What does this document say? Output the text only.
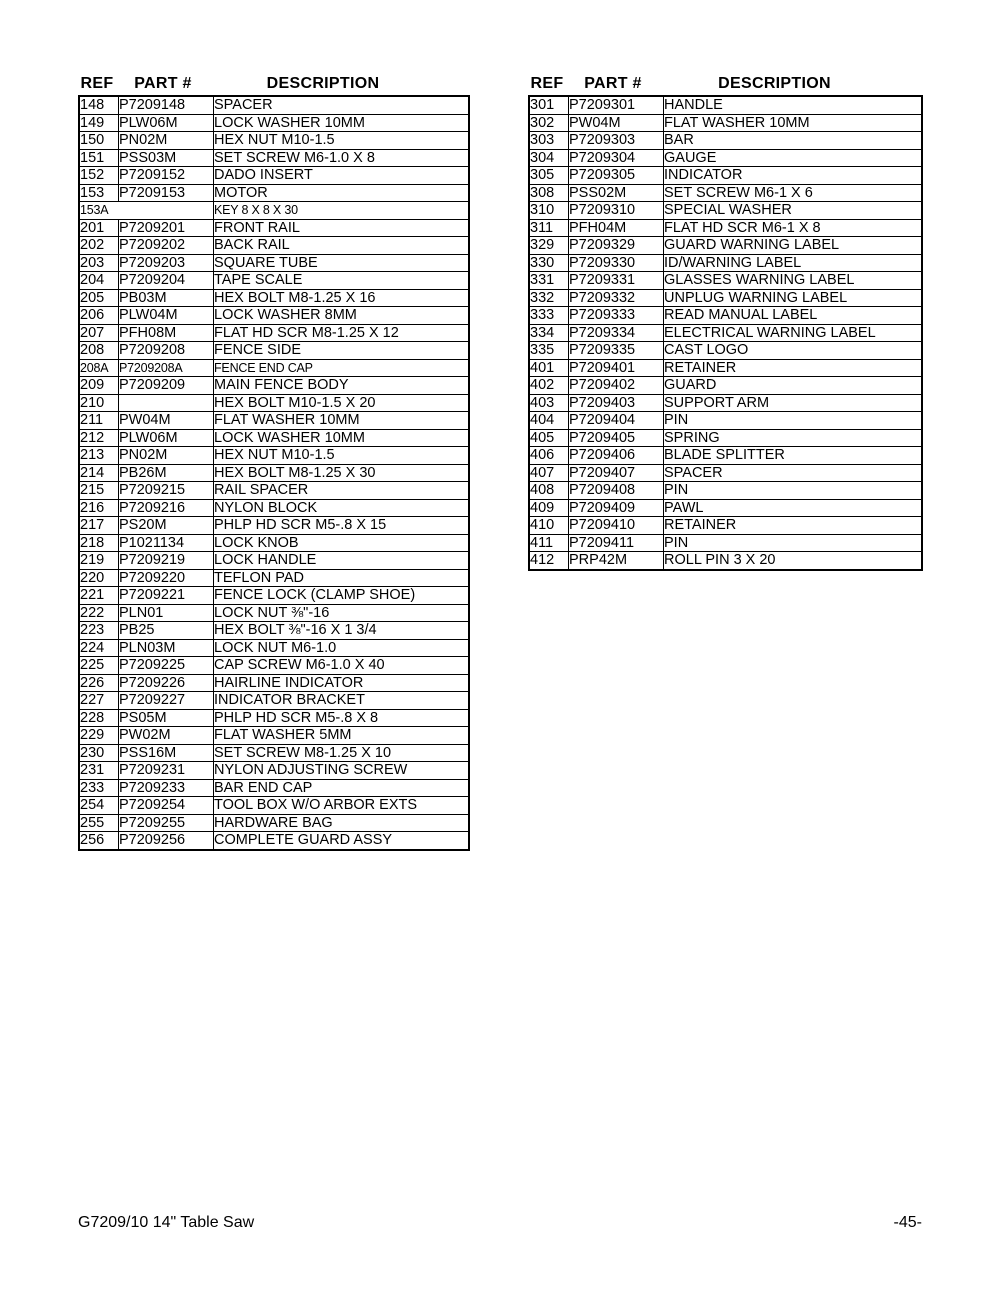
REF	PART #	DESCRIPTION
148	P7209148	SPACER
149	PLW06M	LOCK WASHER 10MM
150	PN02M	HEX NUT M10-1.5
151	PSS03M	SET SCREW M6-1.0 X 8
152	P7209152	DADO INSERT
153	P7209153	MOTOR
153A		KEY 8 X 8 X 30
201	P7209201	FRONT RAIL
202	P7209202	BACK RAIL
203	P7209203	SQUARE TUBE
204	P7209204	TAPE SCALE
205	PB03M	HEX BOLT M8-1.25 X 16
206	PLW04M	LOCK WASHER 8MM
207	PFH08M	FLAT HD SCR M8-1.25 X 12
208	P7209208	FENCE SIDE
208A	P7209208A	FENCE END CAP
209	P7209209	MAIN FENCE BODY
210		HEX BOLT M10-1.5 X 20
211	PW04M	FLAT WASHER 10MM
212	PLW06M	LOCK WASHER 10MM
213	PN02M	HEX NUT M10-1.5
214	PB26M	HEX BOLT M8-1.25 X 30
215	P7209215	RAIL SPACER
216	P7209216	NYLON BLOCK
217	PS20M	PHLP HD SCR M5-.8 X 15
218	P1021134	LOCK KNOB
219	P7209219	LOCK HANDLE
220	P7209220	TEFLON PAD
221	P7209221	FENCE LOCK (CLAMP SHOE)
222	PLN01	LOCK NUT ⅜"-16
223	PB25	HEX BOLT ⅜"-16 X 1 3/4
224	PLN03M	LOCK NUT M6-1.0
225	P7209225	CAP SCREW M6-1.0 X 40
226	P7209226	HAIRLINE INDICATOR
227	P7209227	INDICATOR BRACKET
228	PS05M	PHLP HD SCR M5-.8 X 8
229	PW02M	FLAT WASHER 5MM
230	PSS16M	SET SCREW M8-1.25 X 10
231	P7209231	NYLON ADJUSTING SCREW
233	P7209233	BAR END CAP
254	P7209254	TOOL BOX W/O ARBOR EXTS
255	P7209255	HARDWARE BAG
256	P7209256	COMPLETE GUARD ASSY
REF	PART #	DESCRIPTION
301	P7209301	HANDLE
302	PW04M	FLAT WASHER 10MM
303	P7209303	BAR
304	P7209304	GAUGE
305	P7209305	INDICATOR
308	PSS02M	SET SCREW M6-1 X 6
310	P7209310	SPECIAL WASHER
311	PFH04M	FLAT HD SCR M6-1 X 8
329	P7209329	GUARD WARNING LABEL
330	P7209330	ID/WARNING LABEL
331	P7209331	GLASSES WARNING LABEL
332	P7209332	UNPLUG WARNING LABEL
333	P7209333	READ MANUAL LABEL
334	P7209334	ELECTRICAL WARNING LABEL
335	P7209335	CAST LOGO
401	P7209401	RETAINER
402	P7209402	GUARD
403	P7209403	SUPPORT ARM
404	P7209404	PIN
405	P7209405	SPRING
406	P7209406	BLADE SPLITTER
407	P7209407	SPACER
408	P7209408	PIN
409	P7209409	PAWL
410	P7209410	RETAINER
411	P7209411	PIN
412	PRP42M	ROLL PIN 3 X 20
G7209/10 14" Table Saw	-45-
